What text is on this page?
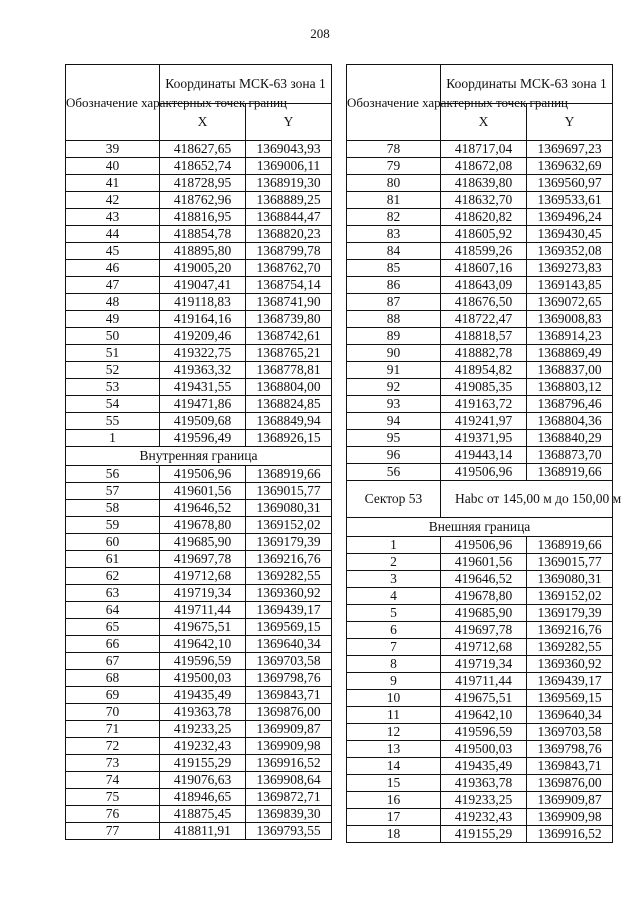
208
Обозначение характерных точек границ	Координаты МСК-63 зона 1	
	X	Y
39	418627,65	1369043,93
40	418652,74	1369006,11
41	418728,95	1368919,30
42	418762,96	1368889,25
43	418816,95	1368844,47
44	418854,78	1368820,23
45	418895,80	1368799,78
46	419005,20	1368762,70
47	419047,41	1368754,14
48	419118,83	1368741,90
49	419164,16	1368739,80
50	419209,46	1368742,61
51	419322,75	1368765,21
52	419363,32	1368778,81
53	419431,55	1368804,00
54	419471,86	1368824,85
55	419509,68	1368849,94
1	419596,49	1368926,15
Внутренняя граница		
56	419506,96	1368919,66
57	419601,56	1369015,77
58	419646,52	1369080,31
59	419678,80	1369152,02
60	419685,90	1369179,39
61	419697,78	1369216,76
62	419712,68	1369282,55
63	419719,34	1369360,92
64	419711,44	1369439,17
65	419675,51	1369569,15
66	419642,10	1369640,34
67	419596,59	1369703,58
68	419500,03	1369798,76
69	419435,49	1369843,71
70	419363,78	1369876,00
71	419233,25	1369909,87
72	419232,43	1369909,98
73	419155,29	1369916,52
74	419076,63	1369908,64
75	418946,65	1369872,71
76	418875,45	1369839,30
77	418811,91	1369793,55
Обозначение характерных точек границ	Координаты МСК-63 зона 1	
	X	Y
78	418717,04	1369697,23
79	418672,08	1369632,69
80	418639,80	1369560,97
81	418632,70	1369533,61
82	418620,82	1369496,24
83	418605,92	1369430,45
84	418599,26	1369352,08
85	418607,16	1369273,83
86	418643,09	1369143,85
87	418676,50	1369072,65
88	418722,47	1369008,83
89	418818,57	1368914,23
90	418882,78	1368869,49
91	418954,82	1368837,00
92	419085,35	1368803,12
93	419163,72	1368796,46
94	419241,97	1368804,36
95	419371,95	1368840,29
96	419443,14	1368873,70
56	419506,96	1368919,66
Сектор 53	Нabc от 145,00 м до 150,00 м	
Внешняя граница		
1	419506,96	1368919,66
2	419601,56	1369015,77
3	419646,52	1369080,31
4	419678,80	1369152,02
5	419685,90	1369179,39
6	419697,78	1369216,76
7	419712,68	1369282,55
8	419719,34	1369360,92
9	419711,44	1369439,17
10	419675,51	1369569,15
11	419642,10	1369640,34
12	419596,59	1369703,58
13	419500,03	1369798,76
14	419435,49	1369843,71
15	419363,78	1369876,00
16	419233,25	1369909,87
17	419232,43	1369909,98
18	419155,29	1369916,52
